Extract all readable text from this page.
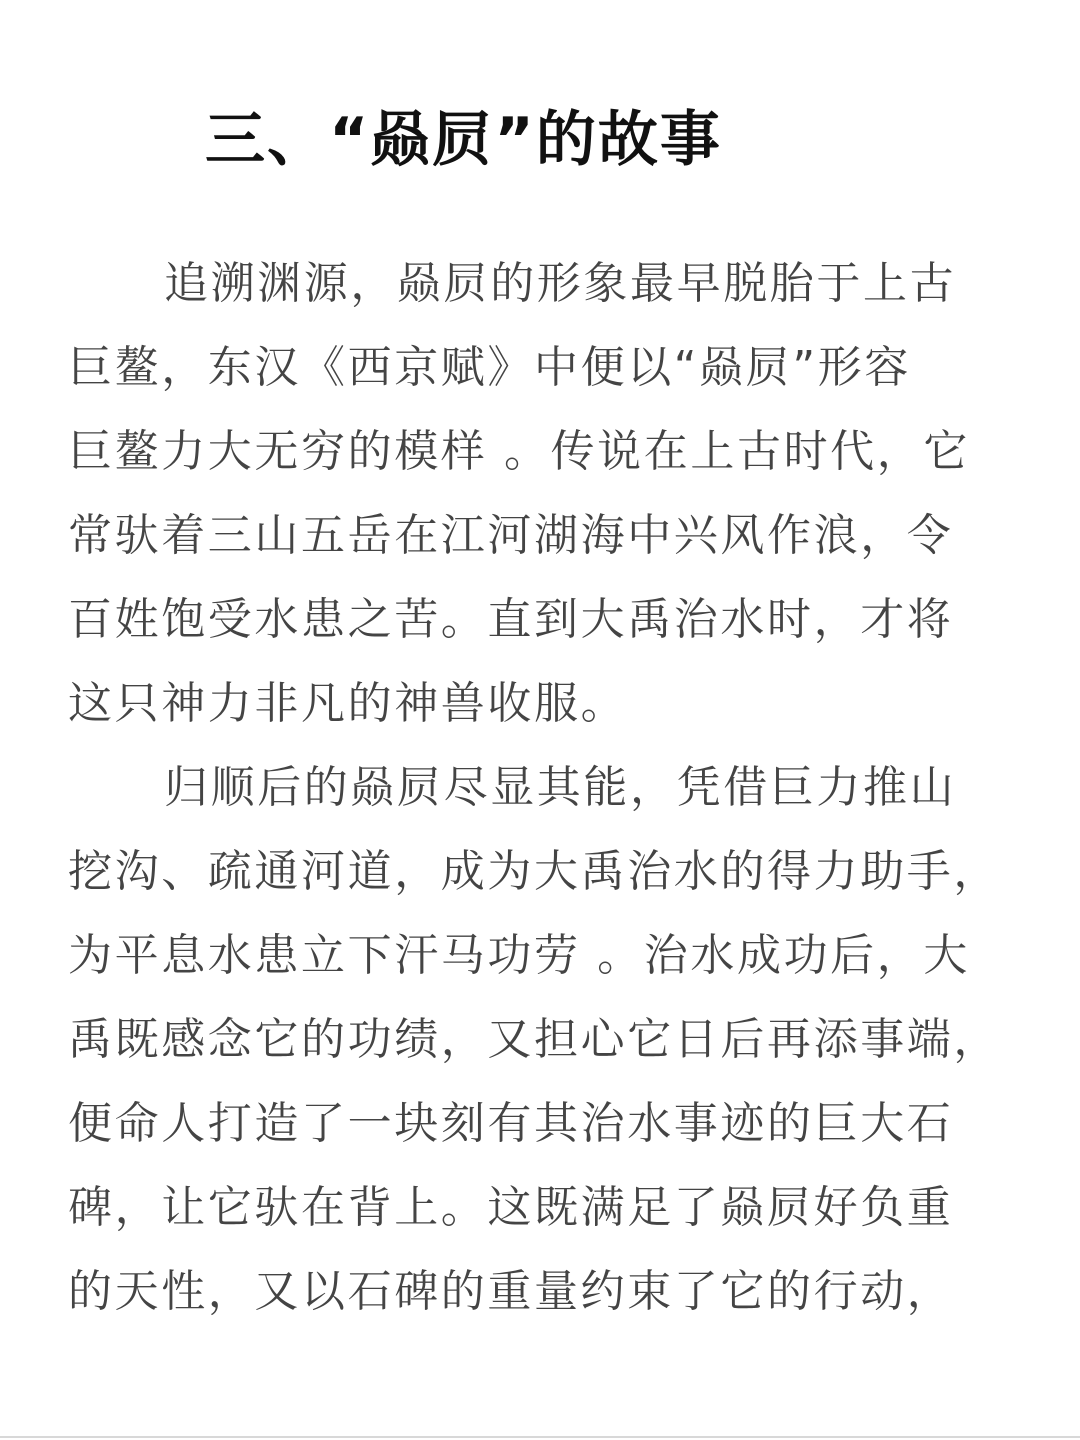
三、“赑屃”的故事

追溯渊源，赑屃的形象最早脱胎于上古
巨鳌，东汉《西京赋》中便以“赑屃”形容
巨鳌力大无穷的模样 。传说在上古时代，它
常驮着三山五岳在江河湖海中兴风作浪，令
百姓饱受水患之苦。直到大禹治水时，才将
这只神力非凡的神兽收服。

归顺后的赑屃尽显其能，凭借巨力推山
挖沟、疏通河道，成为大禹治水的得力助手，
为平息水患立下汗马功劳 。治水成功后，大
禹既感念它的功绩，又担心它日后再添事端，
便命人打造了一块刻有其治水事迹的巨大石
碑，让它驮在背上。这既满足了赑屃好负重
的天性，又以石碑的重量约束了它的行动，
